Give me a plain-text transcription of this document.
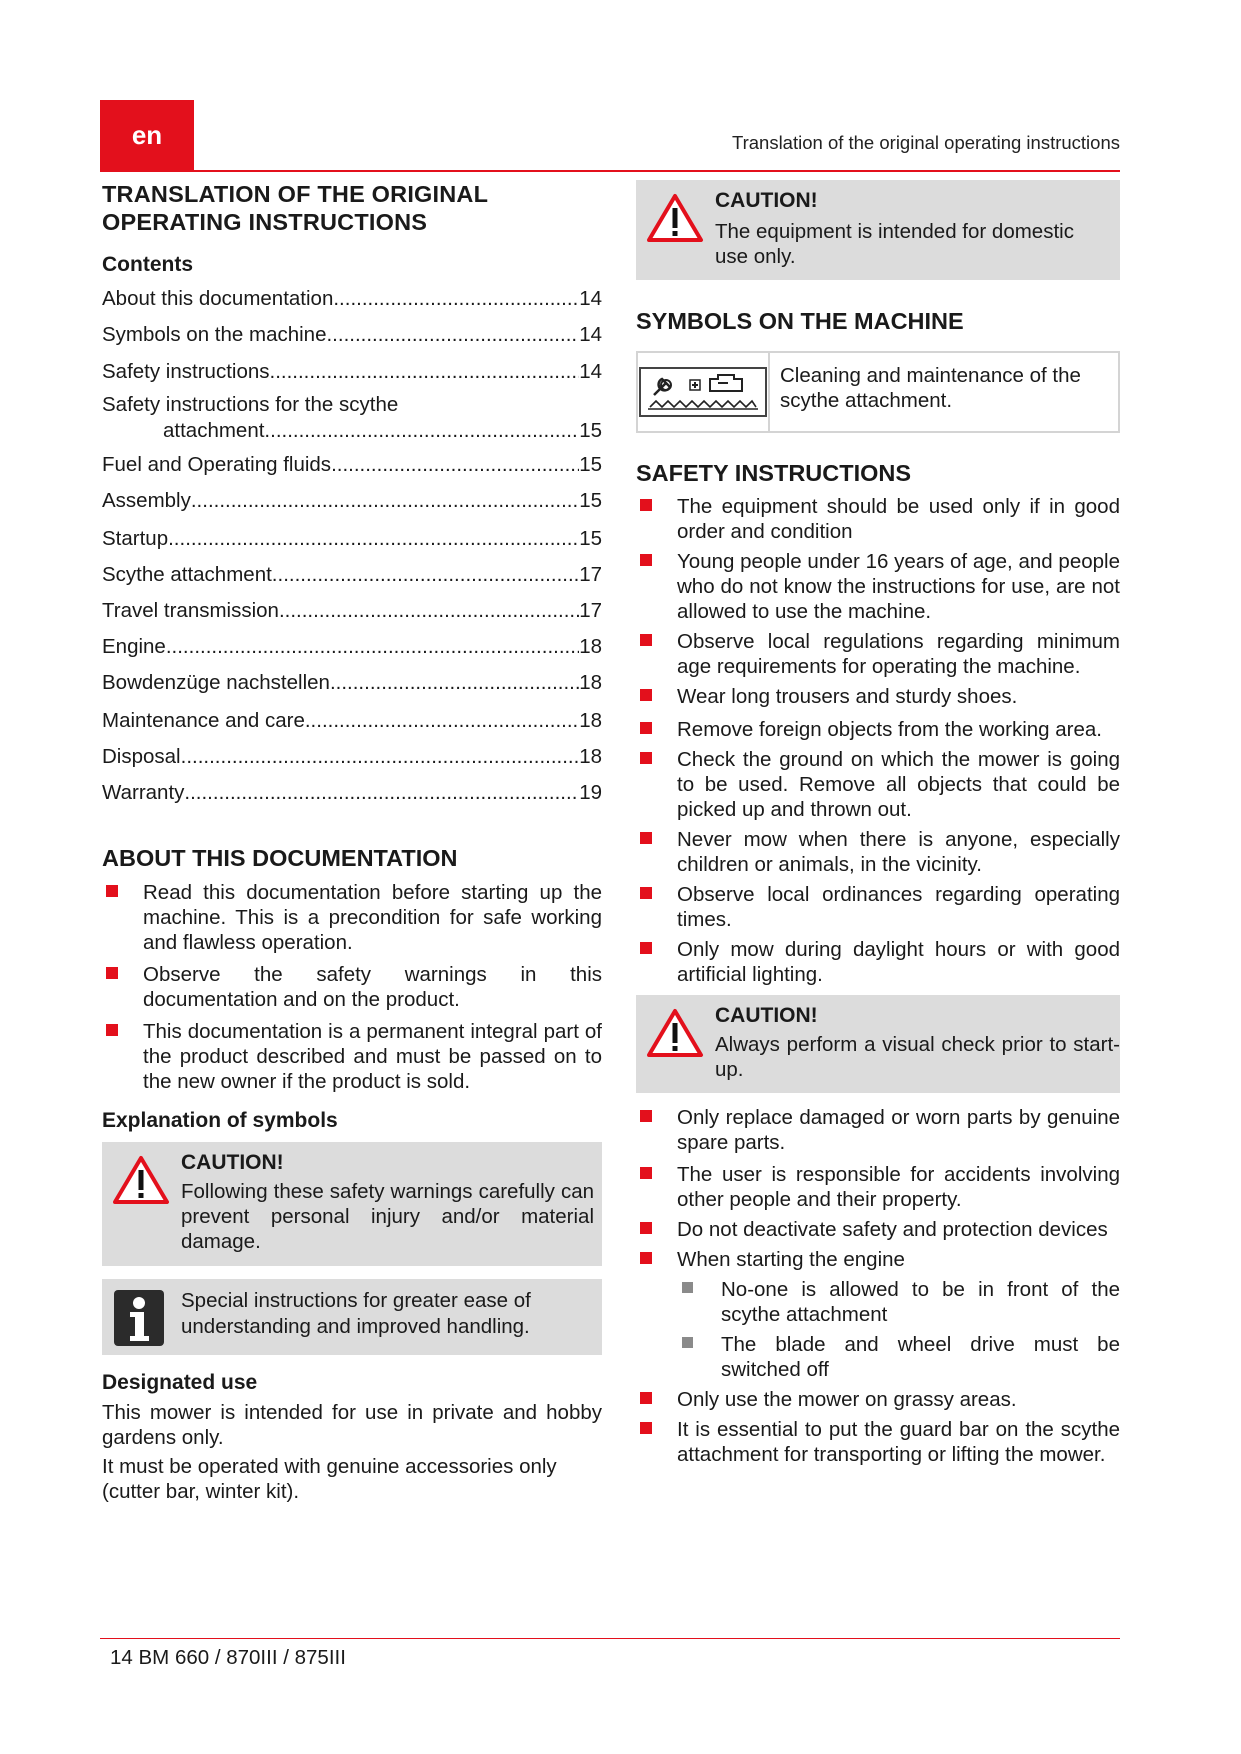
en	Translation of the original operating instructions
TRANSLATION OF THE ORIGINAL
OPERATING INSTRUCTIONS
Contents
About this documentation .....	14
Symbols on the machine .....	14
Safety instructions .....	14
Safety instructions for the scythe
attachment .....	15
Fuel and Operating fluids .....	15
Assembly .....	15
Startup .....	15
Scythe attachment .....	17
Travel transmission .....	17
Engine .....	18
Bowdenzüge nachstellen .....	18
Maintenance and care .....	18
Disposal .....	18
Warranty .....	19
ABOUT THIS DOCUMENTATION
Read this documentation before starting up the machine. This is a precondition for safe working and flawless operation.
Observe the safety warnings in this documentation and on the product.
This documentation is a permanent integral part of the product described and must be passed on to the new owner if the product is sold.
Explanation of symbols
CAUTION!
Following these safety warnings carefully can prevent personal injury and/or material damage.
Special instructions for greater ease of understanding and improved handling.
Designated use

This mower is intended for use in private and hobby gardens only.

It must be operated with genuine accessories only (cutter bar, winter kit).

CAUTION!
The equipment is intended for domestic use only.
SYMBOLS ON THE MACHINE
Cleaning and maintenance of the scythe attachment.
SAFETY INSTRUCTIONS
The equipment should be used only if in good order and condition
Young people under 16 years of age, and people who do not know the instructions for use, are not allowed to use the machine.
Observe local regulations regarding minimum age requirements for operating the machine.
Wear long trousers and sturdy shoes.
Remove foreign objects from the working area.
Check the ground on which the mower is going to be used. Remove all objects that could be picked up and thrown out.
Never mow when there is anyone, especially children or animals, in the vicinity.
Observe local ordinances regarding operating times.
Only mow during daylight hours or with good artificial lighting.
CAUTION!
Always perform a visual check prior to start-up.
Only replace damaged or worn parts by genuine spare parts.
The user is responsible for accidents involving other people and their property.
Do not deactivate safety and protection devices
When starting the engine
No-one is allowed to be in front of the scythe attachment
The blade and wheel drive must be switched off
Only use the mower on grassy areas.
It is essential to put the guard bar on the scythe attachment for transporting or lifting the mower.
14 BM 660 / 870III / 875III
